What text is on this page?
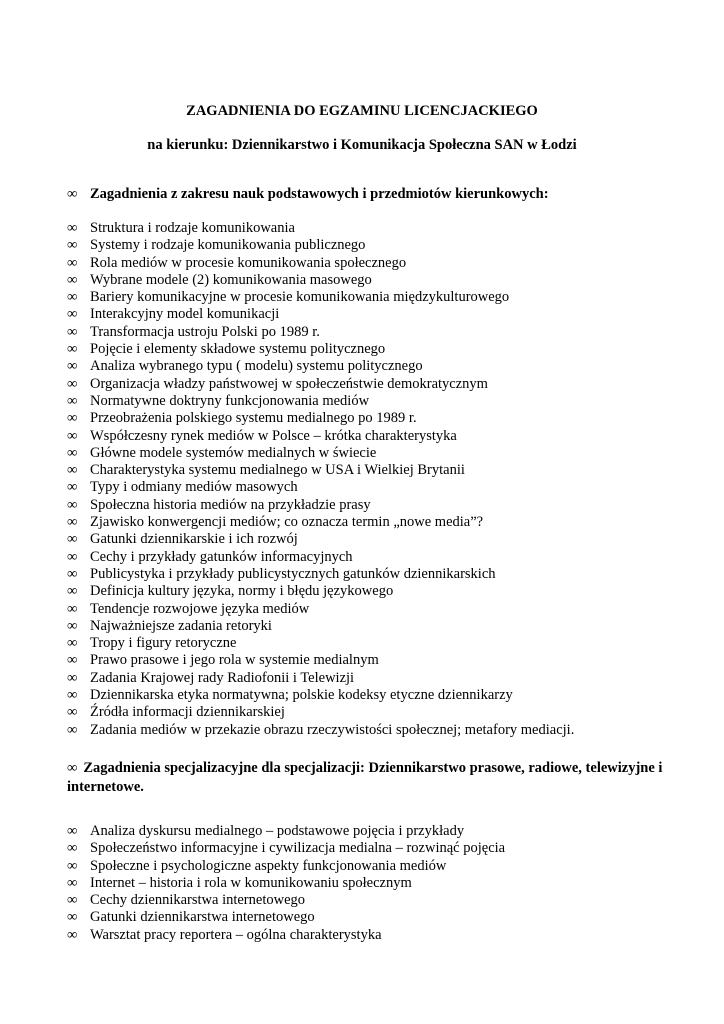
ZAGADNIENIA DO EGZAMINU LICENCJACKIEGO
na kierunku: Dziennikarstwo i Komunikacja Społeczna SAN w Łodzi
∞ Zagadnienia z zakresu nauk podstawowych i przedmiotów kierunkowych:
∞ Struktura i rodzaje komunikowania
∞ Systemy i rodzaje komunikowania publicznego
∞ Rola mediów w procesie komunikowania społecznego
∞ Wybrane modele (2) komunikowania masowego
∞ Bariery komunikacyjne w procesie komunikowania międzykulturowego
∞ Interakcyjny model komunikacji
∞ Transformacja ustroju Polski po 1989 r.
∞ Pojęcie i elementy składowe systemu politycznego
∞ Analiza wybranego typu ( modelu) systemu politycznego
∞ Organizacja władzy państwowej w społeczeństwie demokratycznym
∞ Normatywne doktryny funkcjonowania mediów
∞ Przeobrażenia polskiego systemu medialnego po 1989 r.
∞ Współczesny rynek mediów w Polsce – krótka charakterystyka
∞ Główne modele systemów medialnych w świecie
∞ Charakterystyka systemu medialnego w USA i Wielkiej Brytanii
∞ Typy i odmiany mediów masowych
∞ Społeczna historia mediów na przykładzie prasy
∞ Zjawisko konwergencji mediów; co oznacza termin „nowe media”?
∞ Gatunki dziennikarskie i ich rozwój
∞ Cechy i przykłady gatunków informacyjnych
∞ Publicystyka i przykłady publicystycznych gatunków dziennikarskich
∞ Definicja kultury języka, normy i błędu językowego
∞ Tendencje rozwojowe języka mediów
∞ Najważniejsze zadania retoryki
∞ Tropy i figury retoryczne
∞ Prawo prasowe i jego rola w systemie medialnym
∞ Zadania Krajowej rady Radiofonii i Telewizji
∞ Dziennikarska etyka normatywna; polskie kodeksy etyczne dziennikarzy
∞ Źródła informacji dziennikarskiej
∞ Zadania mediów w przekazie obrazu rzeczywistości społecznej; metafory mediacji.
∞ Zagadnienia specjalizacyjne dla specjalizacji: Dziennikarstwo prasowe, radiowe, telewizyjne i internetowe.
∞ Analiza dyskursu medialnego – podstawowe pojęcia i przykłady
∞ Społeczeństwo informacyjne i cywilizacja medialna – rozwinąć pojęcia
∞ Społeczne i psychologiczne aspekty funkcjonowania mediów
∞ Internet – historia i rola w komunikowaniu społecznym
∞ Cechy dziennikarstwa internetowego
∞ Gatunki dziennikarstwa internetowego
∞ Warsztat pracy reportera – ogólna charakterystyka
